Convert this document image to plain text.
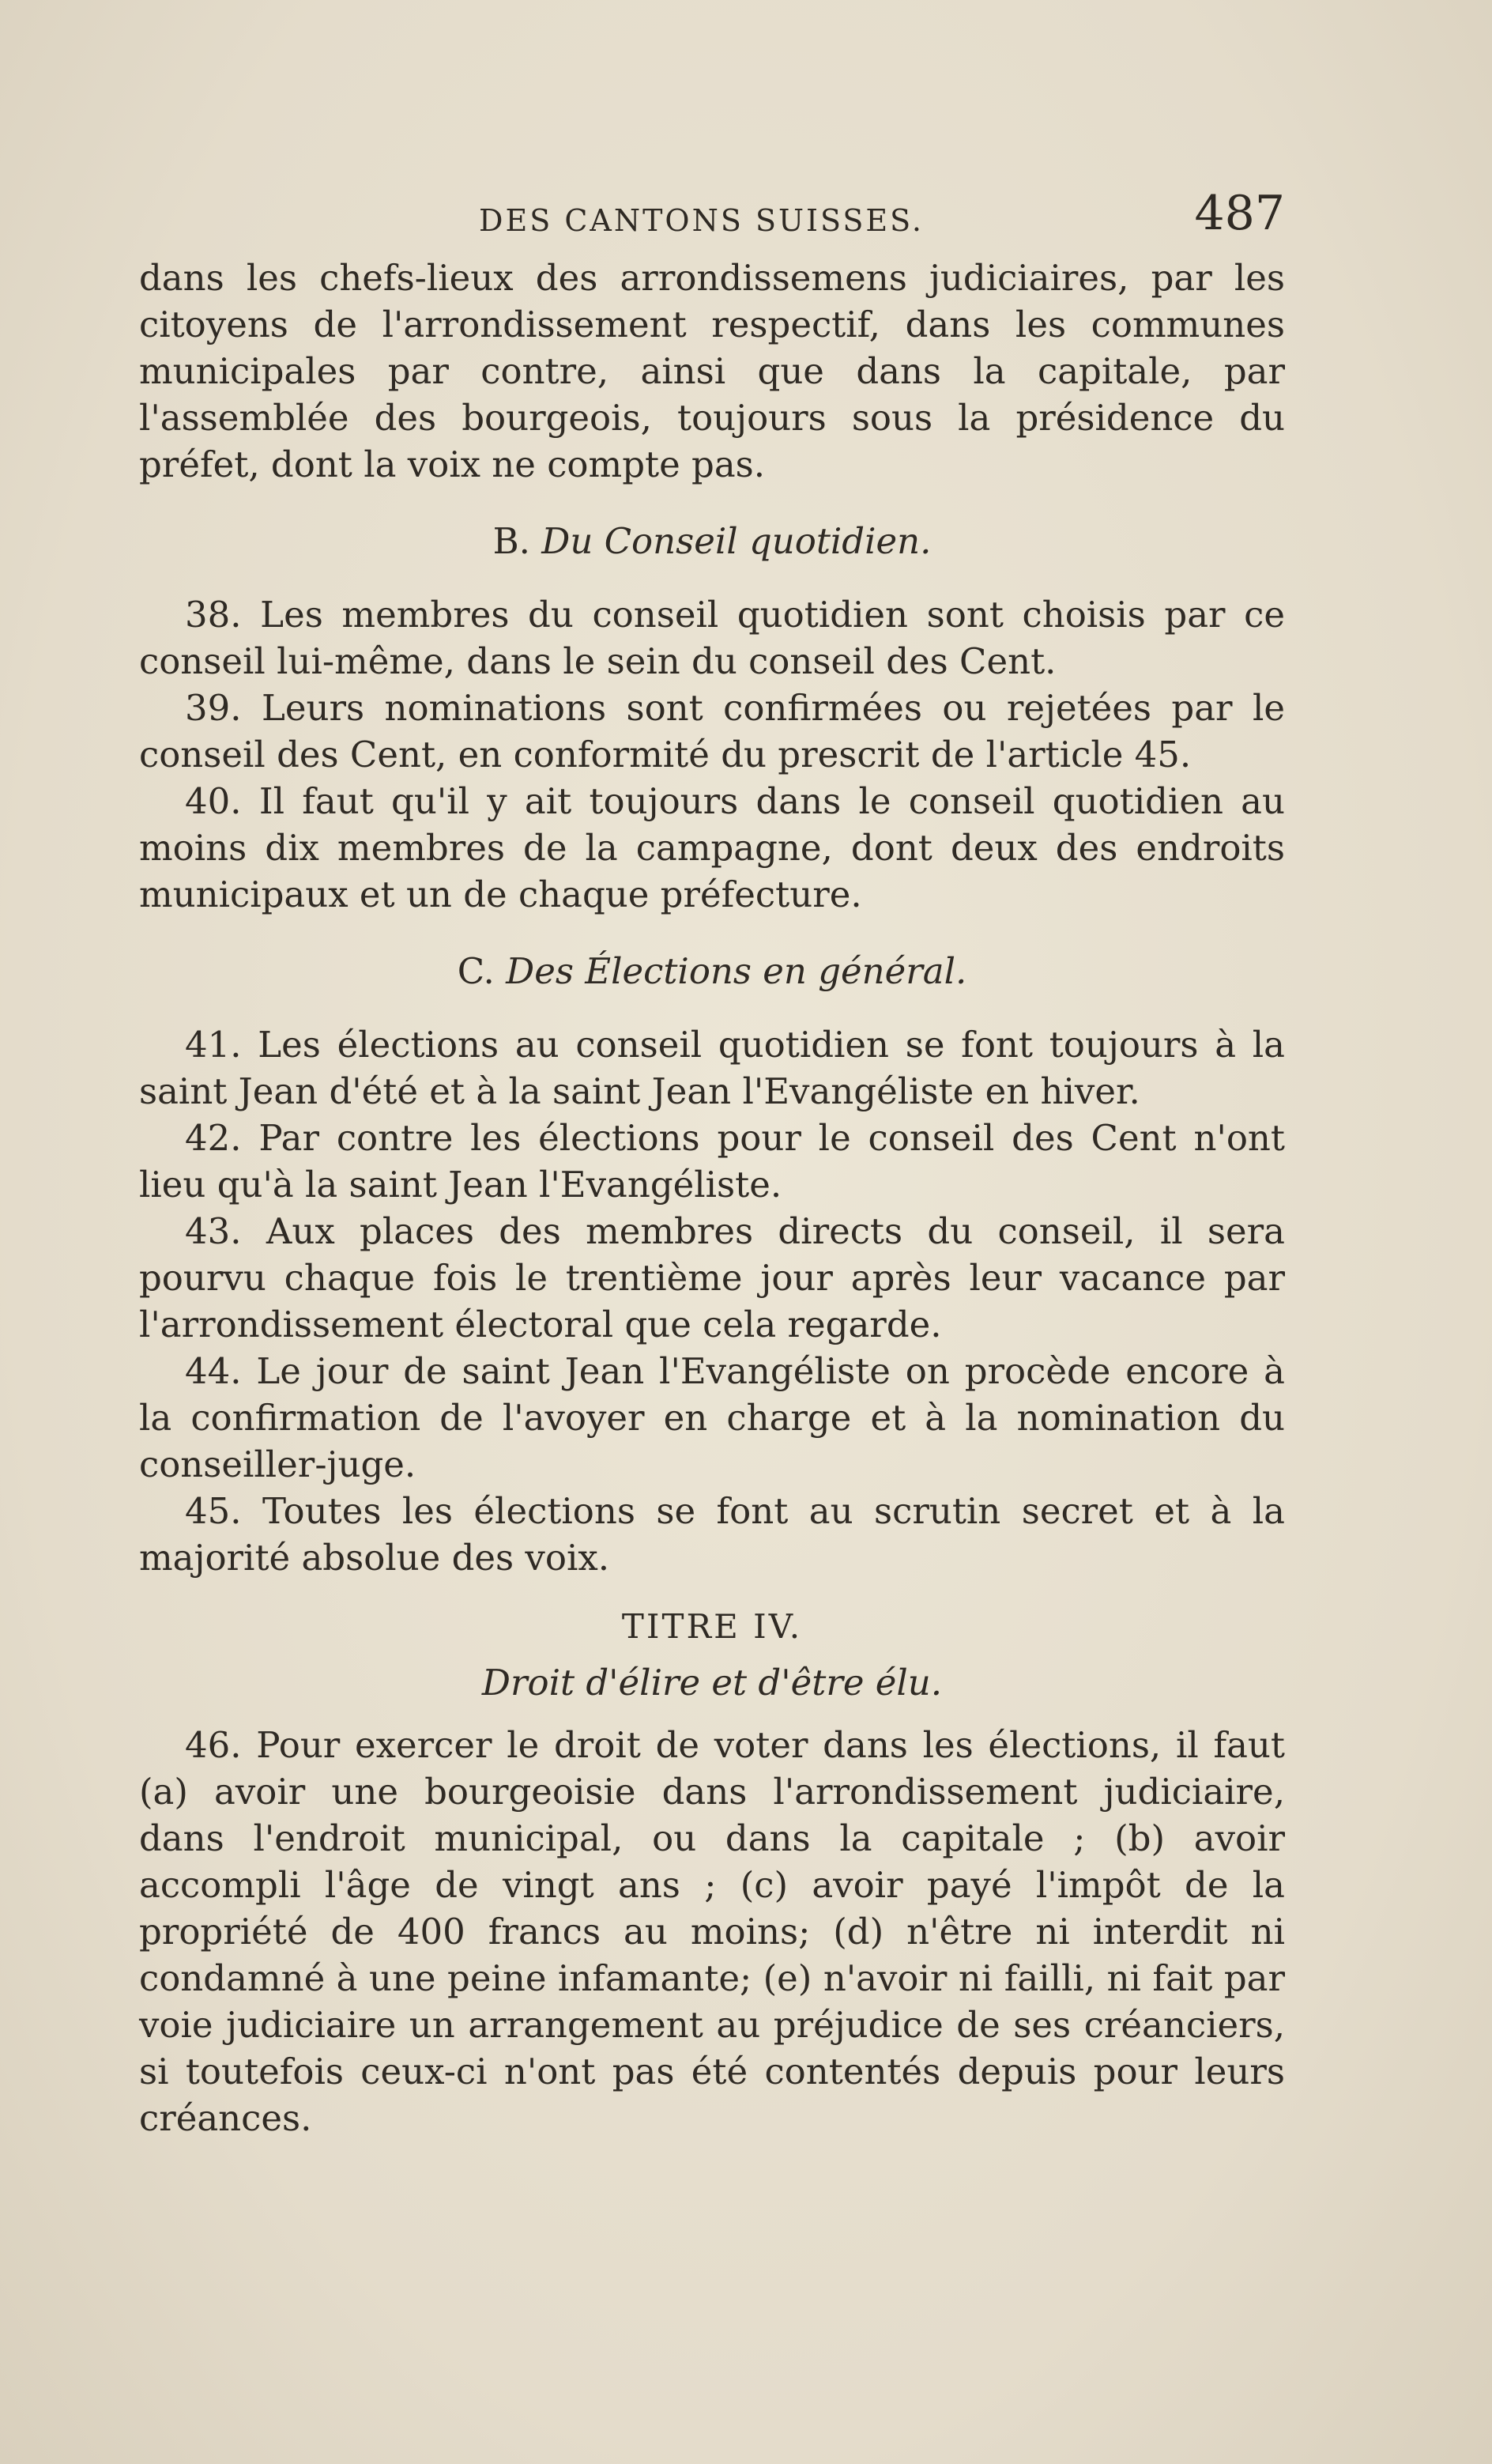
DES CANTONS SUISSES.	487

dans les chefs-lieux des arrondissemens judiciaires, par les citoyens de l'arrondissement respectif, dans les communes municipales par contre, ainsi que dans la capitale, par l'assemblée des bourgeois, toujours sous la présidence du préfet, dont la voix ne compte pas.

B. Du Conseil quotidien.

38. Les membres du conseil quotidien sont choisis par ce conseil lui-même, dans le sein du conseil des Cent.

39. Leurs nominations sont confirmées ou rejetées par le conseil des Cent, en conformité du prescrit de l'article 45.

40. Il faut qu'il y ait toujours dans le conseil quotidien au moins dix membres de la campagne, dont deux des endroits municipaux et un de chaque préfecture.

C. Des Élections en général.

41. Les élections au conseil quotidien se font toujours à la saint Jean d'été et à la saint Jean l'Evangéliste en hiver.

42. Par contre les élections pour le conseil des Cent n'ont lieu qu'à la saint Jean l'Evangéliste.

43. Aux places des membres directs du conseil, il sera pourvu chaque fois le trentième jour après leur vacance par l'arrondissement électoral que cela regarde.

44. Le jour de saint Jean l'Evangéliste on procède encore à la confirmation de l'avoyer en charge et à la nomination du conseiller-juge.

45. Toutes les élections se font au scrutin secret et à la majorité absolue des voix.

TITRE IV.

Droit d'élire et d'être élu.

46. Pour exercer le droit de voter dans les élections, il faut (a) avoir une bourgeoisie dans l'arrondissement judiciaire, dans l'endroit municipal, ou dans la capitale ; (b) avoir accompli l'âge de vingt ans ; (c) avoir payé l'impôt de la propriété de 400 francs au moins; (d) n'être ni interdit ni condamné à une peine infamante; (e) n'avoir ni failli, ni fait par voie judiciaire un arrangement au préjudice de ses créanciers, si toutefois ceux-ci n'ont pas été contentés depuis pour leurs créances.
